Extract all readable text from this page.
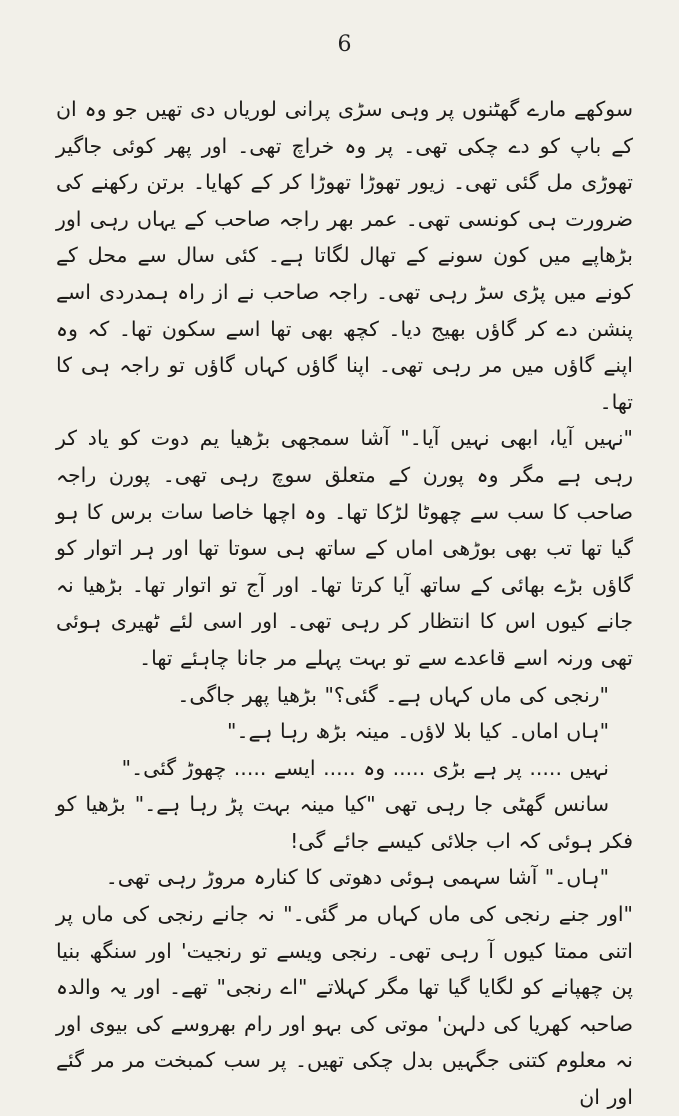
6

سوکھے مارے گھٹنوں پر وہی سڑی پرانی لوریاں دی تھیں جو وہ ان کے باپ کو دے چکی تھی۔ پر وہ خراچ تھی۔ اور پھر کوئی جاگیر تھوڑی مل گئی تھی۔ زیور تھوڑا تھوڑا کر کے کھایا۔ برتن رکھنے کی ضرورت ہی کونسی تھی۔ عمر بھر راجہ صاحب کے یہاں رہی اور بڑھاپے میں کون سونے کے تھال لگاتا ہے۔ کئی سال سے محل کے کونے میں پڑی سڑ رہی تھی۔ راجہ صاحب نے از راہ ہمدردی اسے پنشن دے کر گاؤں بھیج دیا۔ کچھ بھی تھا اسے سکون تھا۔ کہ وہ اپنے گاؤں میں مر رہی تھی۔ اپنا گاؤں کہاں گاؤں تو راجہ ہی کا تھا۔

"نہیں آیا، ابھی نہیں آیا۔" آشا سمجھی بڑھیا یم دوت کو یاد کر رہی ہے مگر وہ پورن کے متعلق سوچ رہی تھی۔ پورن راجہ صاحب کا سب سے چھوٹا لڑکا تھا۔ وہ اچھا خاصا سات برس کا ہو گیا تھا تب بھی بوڑھی اماں کے ساتھ ہی سوتا تھا اور ہر اتوار کو گاؤں بڑے بھائی کے ساتھ آیا کرتا تھا۔ اور آج تو اتوار تھا۔ بڑھیا نہ جانے کیوں اس کا انتظار کر رہی تھی۔ اور اسی لئے ٹھیری ہوئی تھی ورنہ اسے قاعدے سے تو بہت پہلے مر جانا چاہئے تھا۔

"رنجی کی ماں کہاں ہے۔ گئی؟" بڑھیا پھر جاگی۔

"ہاں اماں۔ کیا بلا لاؤں۔ مینہ بڑھ رہا ہے۔"

نہیں ..... پر ہے بڑی ..... وہ ..... ایسے ..... چھوڑ گئی۔"

سانس گھٹی جا رہی تھی "کیا مینہ بہت پڑ رہا ہے۔" بڑھیا کو فکر ہوئی کہ اب جلائی کیسے جائے گی!

"ہاں۔" آشا سہمی ہوئی دھوتی کا کنارہ مروڑ رہی تھی۔

"اور جنے رنجی کی ماں کہاں مر گئی۔" نہ جانے رنجی کی ماں پر اتنی ممتا کیوں آ رہی تھی۔ رنجی ویسے تو رنجیت' اور سنگھ بنیا پن چھپانے کو لگایا گیا تھا مگر کہلاتے "اے رنجی" تھے۔ اور یہ والدہ صاحبہ کھریا کی دلہن' موتی کی بہو اور رام بھروسے کی بیوی اور نہ معلوم کتنی جگہیں بدل چکی تھیں۔ پر سب کمبخت مر مر گئے اور ان
